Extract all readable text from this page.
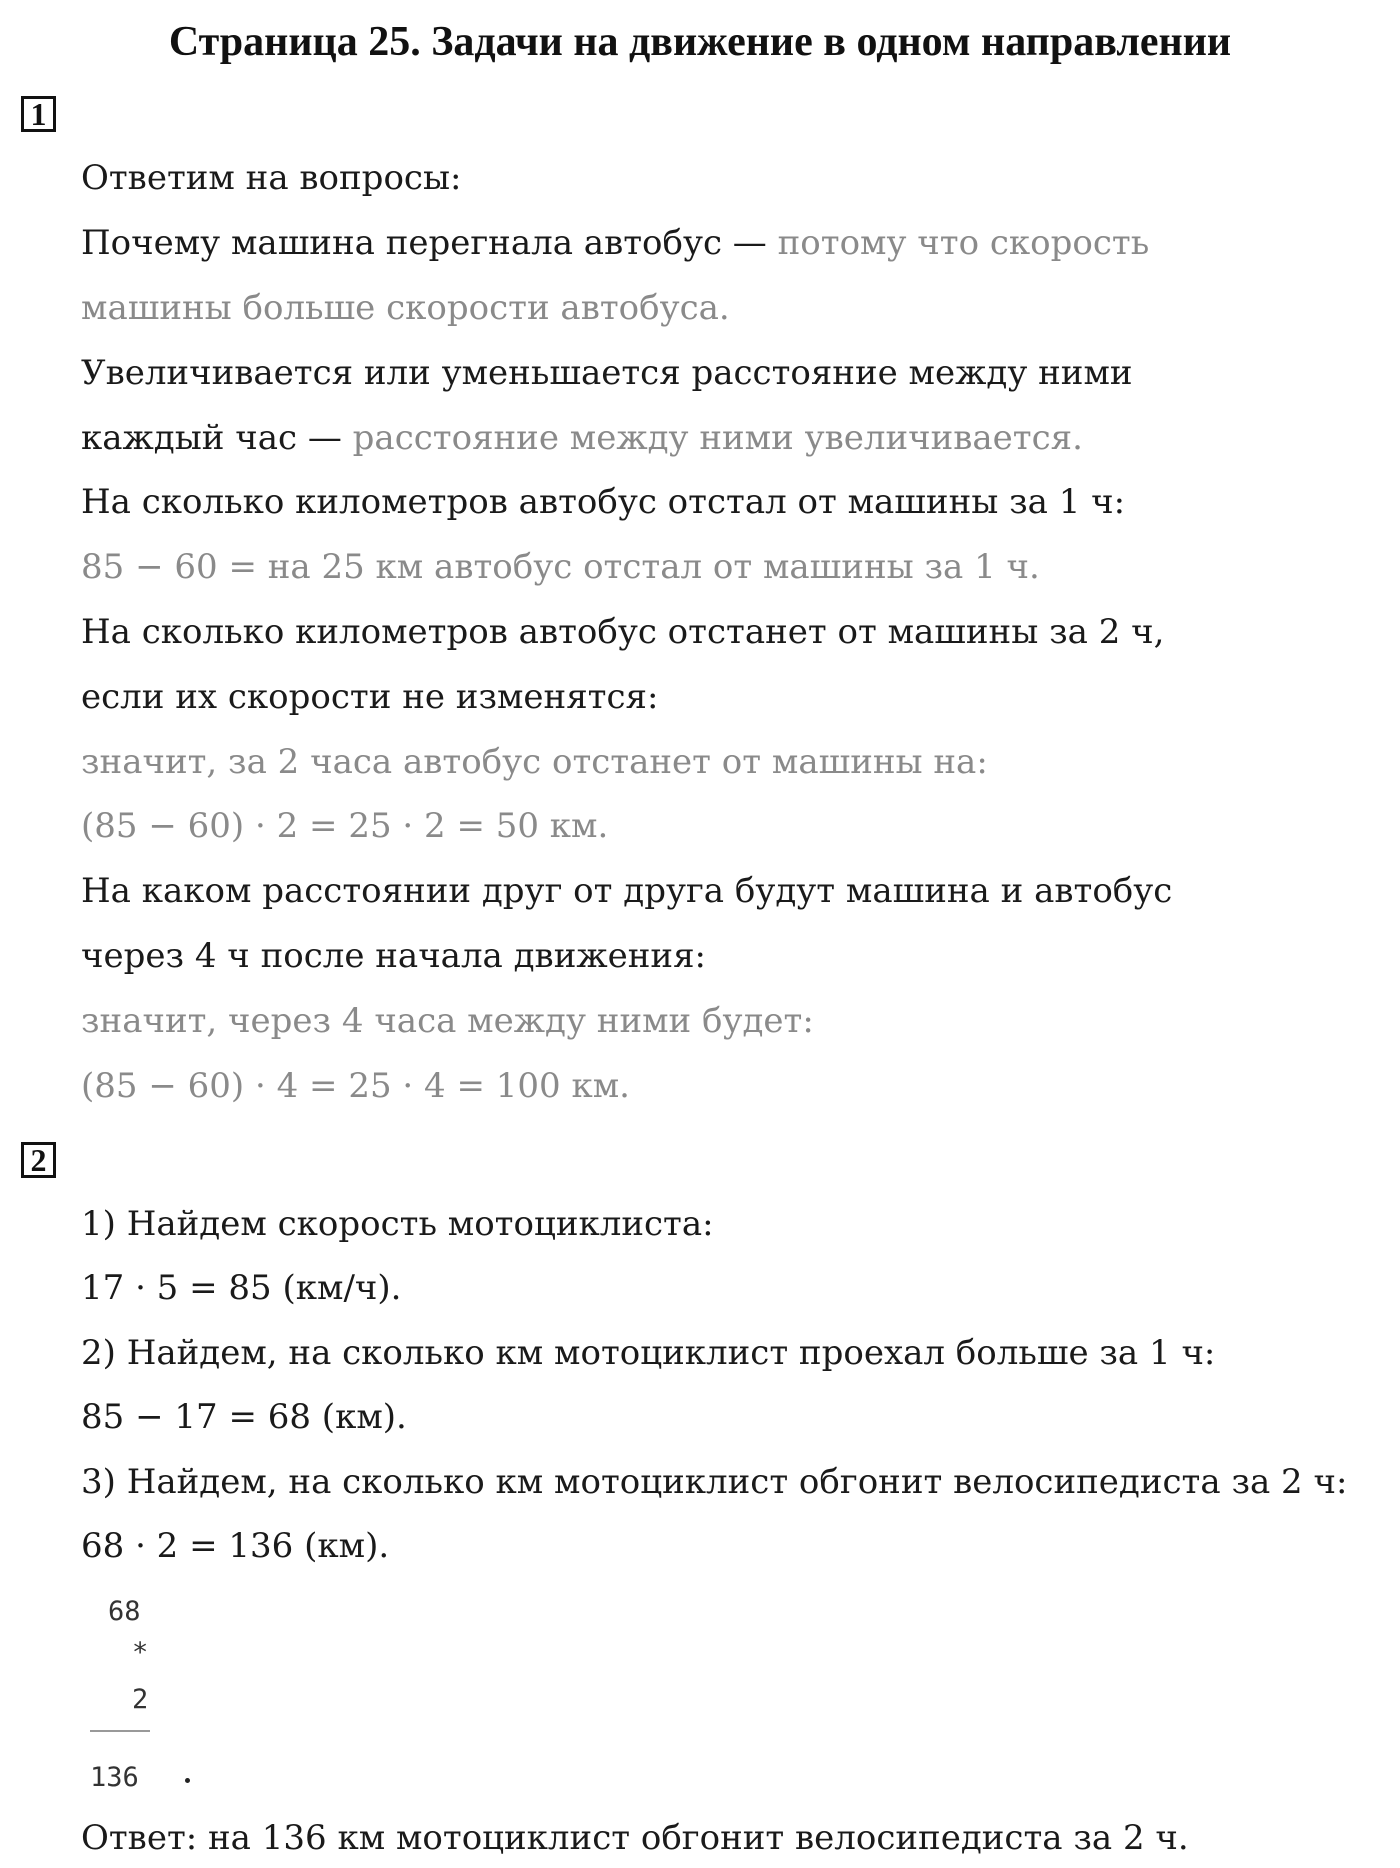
Страница 25. Задачи на движение в одном направлении
1
Ответим на вопросы:
Почему машина перегнала автобус — потому что скорость
машины больше скорости автобуса.
Увеличивается или уменьшается расстояние между ними
каждый час — расстояние между ними увеличивается.
На сколько километров автобус отстал от машины за 1 ч:
85 − 60 = на 25 км автобус отстал от машины за 1 ч.
На сколько километров автобус отстанет от машины за 2 ч,
если их скорости не изменятся:
значит, за 2 часа автобус отстанет от машины на:
(85 − 60) · 2 = 25 · 2 = 50 км.
На каком расстоянии друг от друга будут машина и автобус
через 4 ч после начала движения:
значит, через 4 часа между ними будет:
(85 − 60) · 4 = 25 · 4 = 100 км.
2
1) Найдем скорость мотоциклиста:
17 · 5 = 85 (км/ч).
2) Найдем, на сколько км мотоциклист проехал больше за 1 ч:
85 − 17 = 68 (км).
3) Найдем, на сколько км мотоциклист обгонит велосипедиста за 2 ч:
68 · 2 = 136 (км).
68
*
2
136
Ответ: на 136 км мотоциклист обгонит велосипедиста за 2 ч.
